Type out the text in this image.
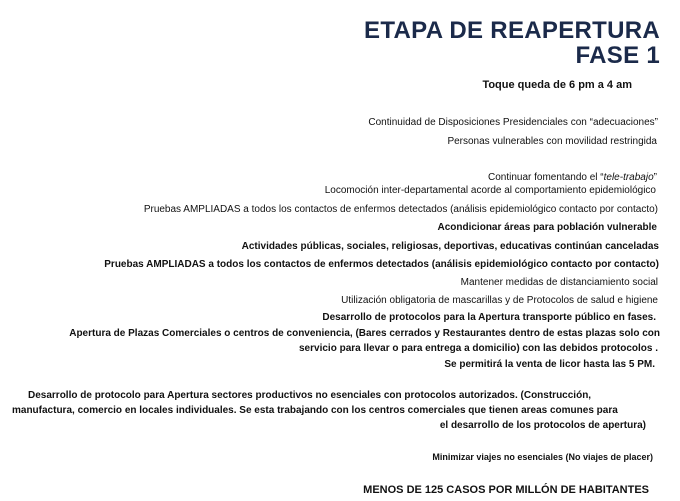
ETAPA DE REAPERTURA
FASE 1
Toque queda de 6 pm a 4 am
Continuidad de Disposiciones Presidenciales con “adecuaciones”
Personas vulnerables con movilidad restringida
Continuar fomentando el “tele-trabajo”
Locomoción inter-departamental acorde al comportamiento epidemiológico
Pruebas AMPLIADAS a todos los contactos de enfermos detectados (análisis epidemiológico contacto por contacto)
Acondicionar áreas para población vulnerable
Actividades públicas, sociales, religiosas, deportivas, educativas continúan canceladas
Pruebas AMPLIADAS a todos los contactos de enfermos detectados (análisis epidemiológico contacto por contacto)
Mantener medidas de distanciamiento social
Utilización obligatoria de mascarillas y de Protocolos de salud e higiene
Desarrollo de protocolos para la Apertura transporte público en fases.
Apertura de Plazas Comerciales o centros de conveniencia, (Bares cerrados y Restaurantes dentro de estas plazas solo con
servicio para llevar o para entrega a domicilio) con las debidos protocolos .
Se permitirá la venta de licor hasta las 5 PM.
Desarrollo de protocolo para Apertura sectores productivos no esenciales con protocolos autorizados. (Construcción,
manufactura, comercio en locales individuales. Se esta trabajando con los centros comerciales que tienen areas comunes para
el desarrollo de los protocolos de apertura)
Minimizar viajes no esenciales (No viajes de placer)
MENOS DE 125 CASOS POR MILLÓN DE HABITANTES
